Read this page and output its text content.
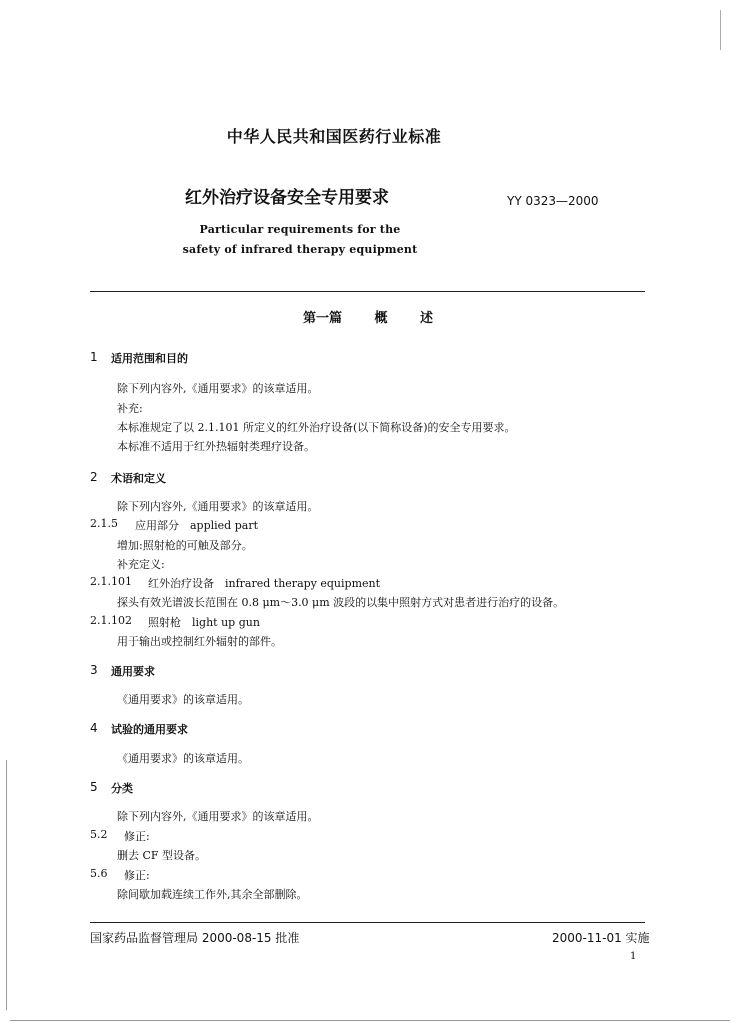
中华人民共和国医药行业标准
红外治疗设备安全专用要求	YY 0323—2000
Particular requirements for the
safety of infrared therapy equipment
第一篇	概	述
1 适用范围和目的
除下列内容外,《通用要求》的该章适用。
补充:
本标准规定了以 2.1.101 所定义的红外治疗设备(以下简称设备)的安全专用要求。
本标准不适用于红外热辐射类理疗设备。
2 术语和定义
除下列内容外,《通用要求》的该章适用。
2.1.5 应用部分　applied part
增加:照射枪的可触及部分。
补充定义:
2.1.101 红外治疗设备　infrared therapy equipment
探头有效光谱波长范围在 0.8 μm～3.0 μm 波段的以集中照射方式对患者进行治疗的设备。
2.1.102 照射枪　light up gun
用于输出或控制红外辐射的部件。
3 通用要求
《通用要求》的该章适用。
4 试验的通用要求
《通用要求》的该章适用。
5 分类
除下列内容外,《通用要求》的该章适用。
5.2 修正:
删去 CF 型设备。
5.6 修正:
除间歇加载连续工作外,其余全部删除。
国家药品监督管理局 2000-08-15 批准	2000-11-01 实施
1
